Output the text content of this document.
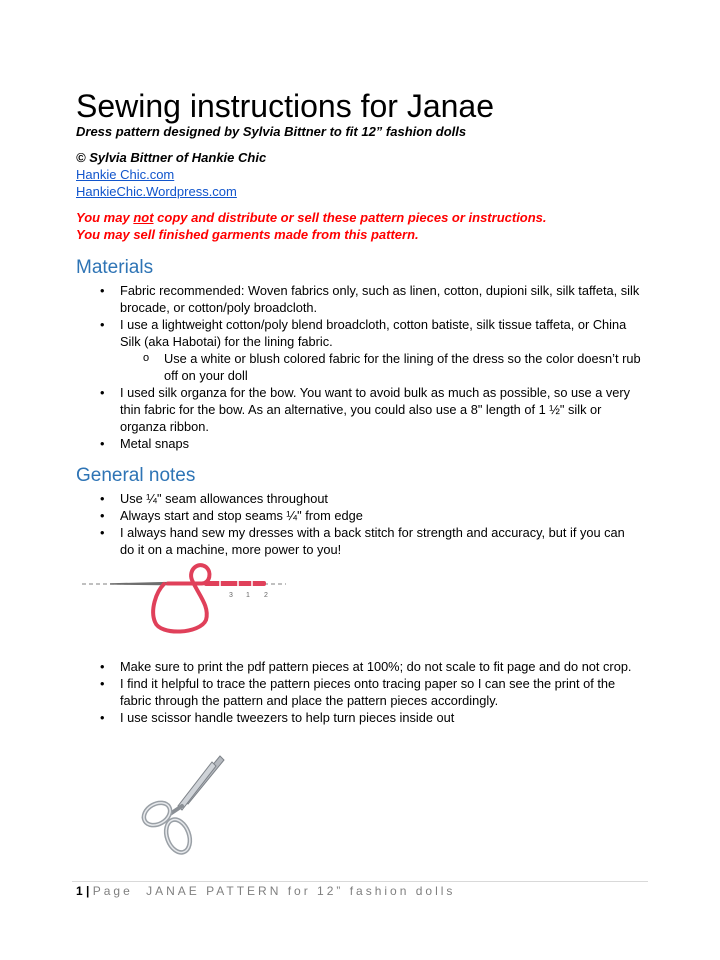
Sewing instructions for Janae
Dress pattern designed by Sylvia Bittner to fit 12” fashion dolls
© Sylvia Bittner of Hankie Chic
Hankie Chic.com
HankieChic.Wordpress.com
You may not copy and distribute or sell these pattern pieces or instructions.
You may sell finished garments made from this pattern.
Materials
• Fabric recommended: Woven fabrics only, such as linen, cotton, dupioni silk, silk taffeta, silk brocade, or cotton/poly broadcloth.
• I use a lightweight cotton/poly blend broadcloth, cotton batiste, silk tissue taffeta, or China Silk (aka Habotai) for the lining fabric.
o Use a white or blush colored fabric for the lining of the dress so the color doesn’t rub off on your doll
• I used silk organza for the bow. You want to avoid bulk as much as possible, so use a very thin fabric for the bow. As an alternative, you could also use a 8" length of 1 ½" silk or organza ribbon.
• Metal snaps
General notes
• Use ¼" seam allowances throughout
• Always start and stop seams ¼" from edge
• I always hand sew my dresses with a back stitch for strength and accuracy, but if you can do it on a machine, more power to you!
3 1 2
• Make sure to print the pdf pattern pieces at 100%; do not scale to fit page and do not crop.
• I find it helpful to trace the pattern pieces onto tracing paper so I can see the print of the fabric through the pattern and place the pattern pieces accordingly.
• I use scissor handle tweezers to help turn pieces inside out
1 | Page JANAE PATTERN for 12” fashion dolls
